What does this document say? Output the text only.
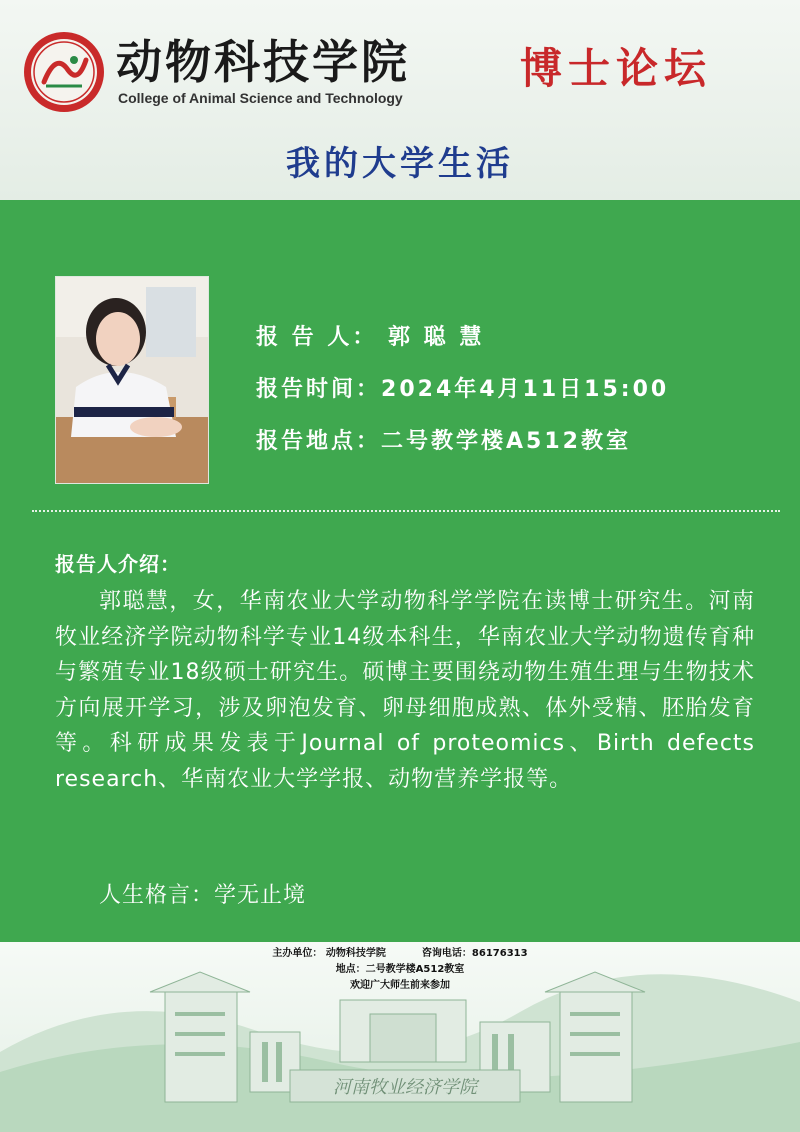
动物科技学院
College of Animal Science and Technology
博士论坛
我的大学生活
报 告 人： 郭 聪 慧
报告时间：2024年4月11日15:00
报告地点：二号教学楼A512教室
报告人介绍：

郭聪慧，女，华南农业大学动物科学学院在读博士研究生。河南牧业经济学院动物科学专业14级本科生，华南农业大学动物遗传育种与繁殖专业18级硕士研究生。硕博主要围绕动物生殖生理与生物技术方向展开学习，涉及卵泡发育、卵母细胞成熟、体外受精、胚胎发育等。科研成果发表于Journal of proteomics、Birth defects research、华南农业大学学报、动物营养学报等。

人生格言：学无止境
河南牧业经济学院
主办单位： 动物科技学院	咨询电话：86176313
地点：二号教学楼A512教室
欢迎广大师生前来参加
